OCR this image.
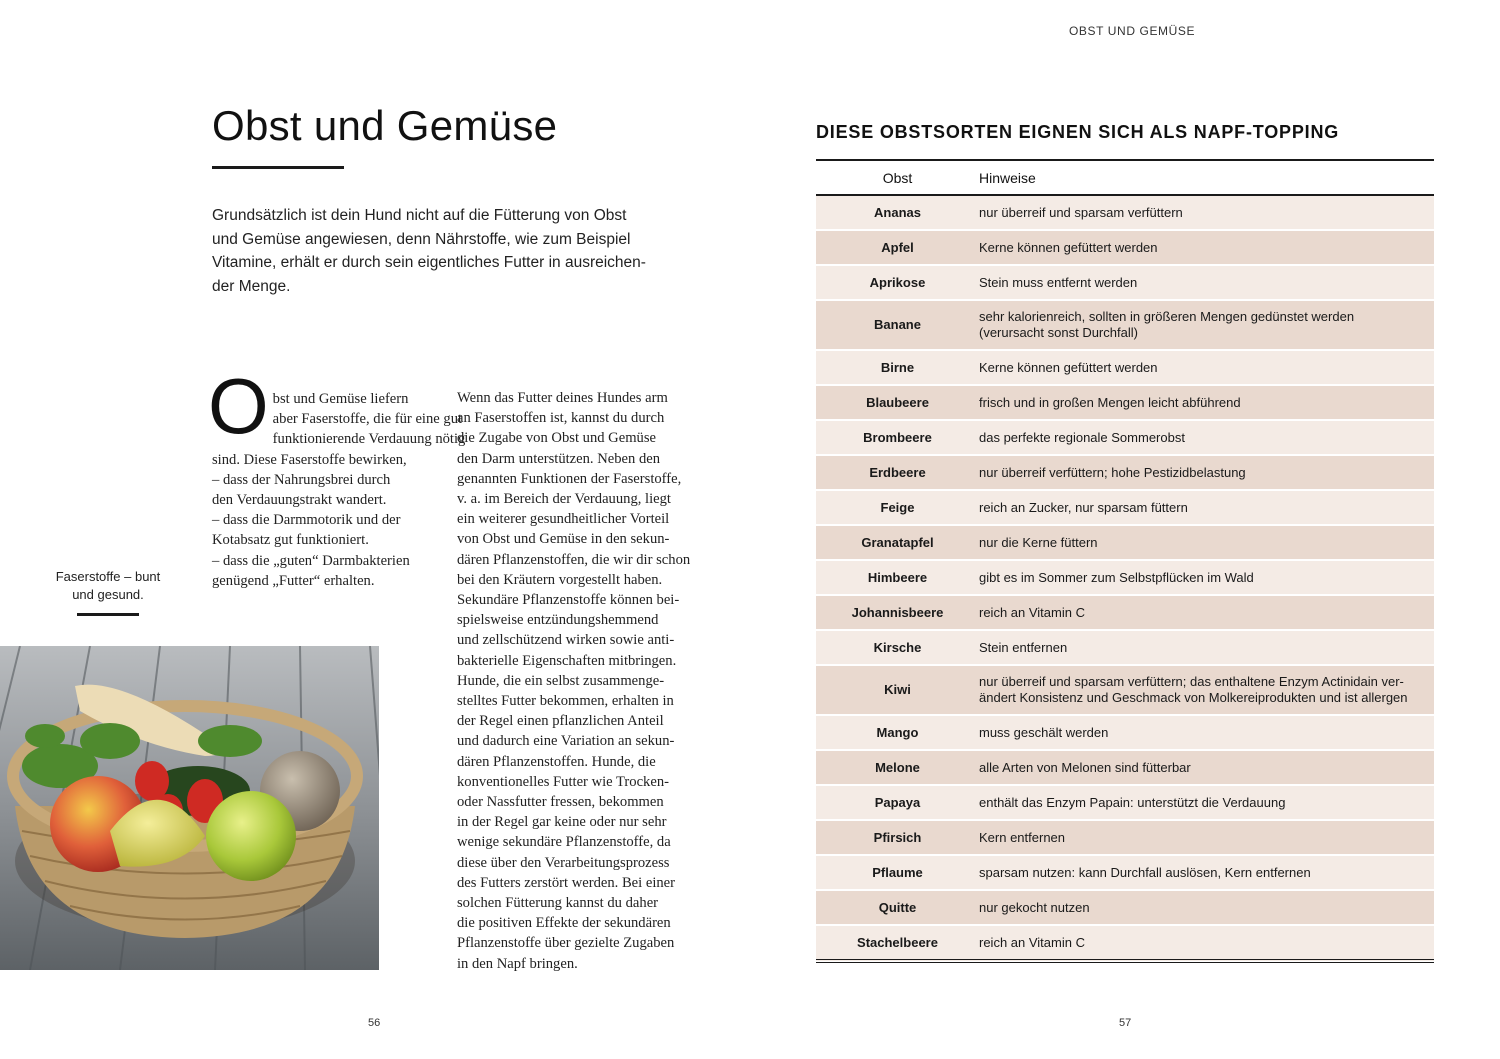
Obst und Gemüse

Grundsätzlich ist dein Hund nicht auf die Fütterung von Obst
und Gemüse angewiesen, denn Nährstoffe, wie zum Beispiel
Vitamine, erhält er durch sein eigentliches Futter in ausreichen-
der Menge.

O bst und Gemüse liefern
aber Faserstoffe, die für eine gut
funktionierende Verdauung nötig
sind. Diese Faserstoffe bewirken,
– dass der Nahrungsbrei durch
den Verdauungstrakt wandert.
– dass die Darmmotorik und der
Kotabsatz gut funktioniert.
– dass die „guten“ Darmbakterien
genügend „Futter“ erhalten.
Wenn das Futter deines Hundes arm
an Faserstoffen ist, kannst du durch
die Zugabe von Obst und Gemüse
den Darm unterstützen. Neben den
genannten Funktionen der Faserstoffe,
v. a. im Bereich der Verdauung, liegt
ein weiterer gesundheitlicher Vorteil
von Obst und Gemüse in den sekun-
dären Pflanzenstoffen, die wir dir schon
bei den Kräutern vorgestellt haben.
Sekundäre Pflanzenstoffe können bei-
spielsweise entzündungshemmend
und zellschützend wirken sowie anti-
bakterielle Eigenschaften mitbringen.
Hunde, die ein selbst zusammenge-
stelltes Futter bekommen, erhalten in
der Regel einen pflanzlichen Anteil
und dadurch eine Variation an sekun-
dären Pflanzenstoffen. Hunde, die
konventionelles Futter wie Trocken-
oder Nassfutter fressen, bekommen
in der Regel gar keine oder nur sehr
wenige sekundäre Pflanzenstoffe, da
diese über den Verarbeitungsprozess
des Futters zerstört werden. Bei einer
solchen Fütterung kannst du daher
die positiven Effekte der sekundären
Pflanzenstoffe über gezielte Zugaben
in den Napf bringen.
Faserstoffe – bunt
und gesund.
56
OBST UND GEMÜSE
DIESE OBSTSORTEN EIGNEN SICH ALS NAPF-TOPPING
Obst	Hinweise
Ananas	nur überreif und sparsam verfüttern
Apfel	Kerne können gefüttert werden
Aprikose	Stein muss entfernt werden
Banane	sehr kalorienreich, sollten in größeren Mengen gedünstet werden (verursacht sonst Durchfall)
Birne	Kerne können gefüttert werden
Blaubeere	frisch und in großen Mengen leicht abführend
Brombeere	das perfekte regionale Sommerobst
Erdbeere	nur überreif verfüttern; hohe Pestizidbelastung
Feige	reich an Zucker, nur sparsam füttern
Granatapfel	nur die Kerne füttern
Himbeere	gibt es im Sommer zum Selbstpflücken im Wald
Johannisbeere	reich an Vitamin C
Kirsche	Stein entfernen
Kiwi	nur überreif und sparsam verfüttern; das enthaltene Enzym Actinidain ver-ändert Konsistenz und Geschmack von Molkereiprodukten und ist allergen
Mango	muss geschält werden
Melone	alle Arten von Melonen sind fütterbar
Papaya	enthält das Enzym Papain: unterstützt die Verdauung
Pfirsich	Kern entfernen
Pflaume	sparsam nutzen: kann Durchfall auslösen, Kern entfernen
Quitte	nur gekocht nutzen
Stachelbeere	reich an Vitamin C
57
